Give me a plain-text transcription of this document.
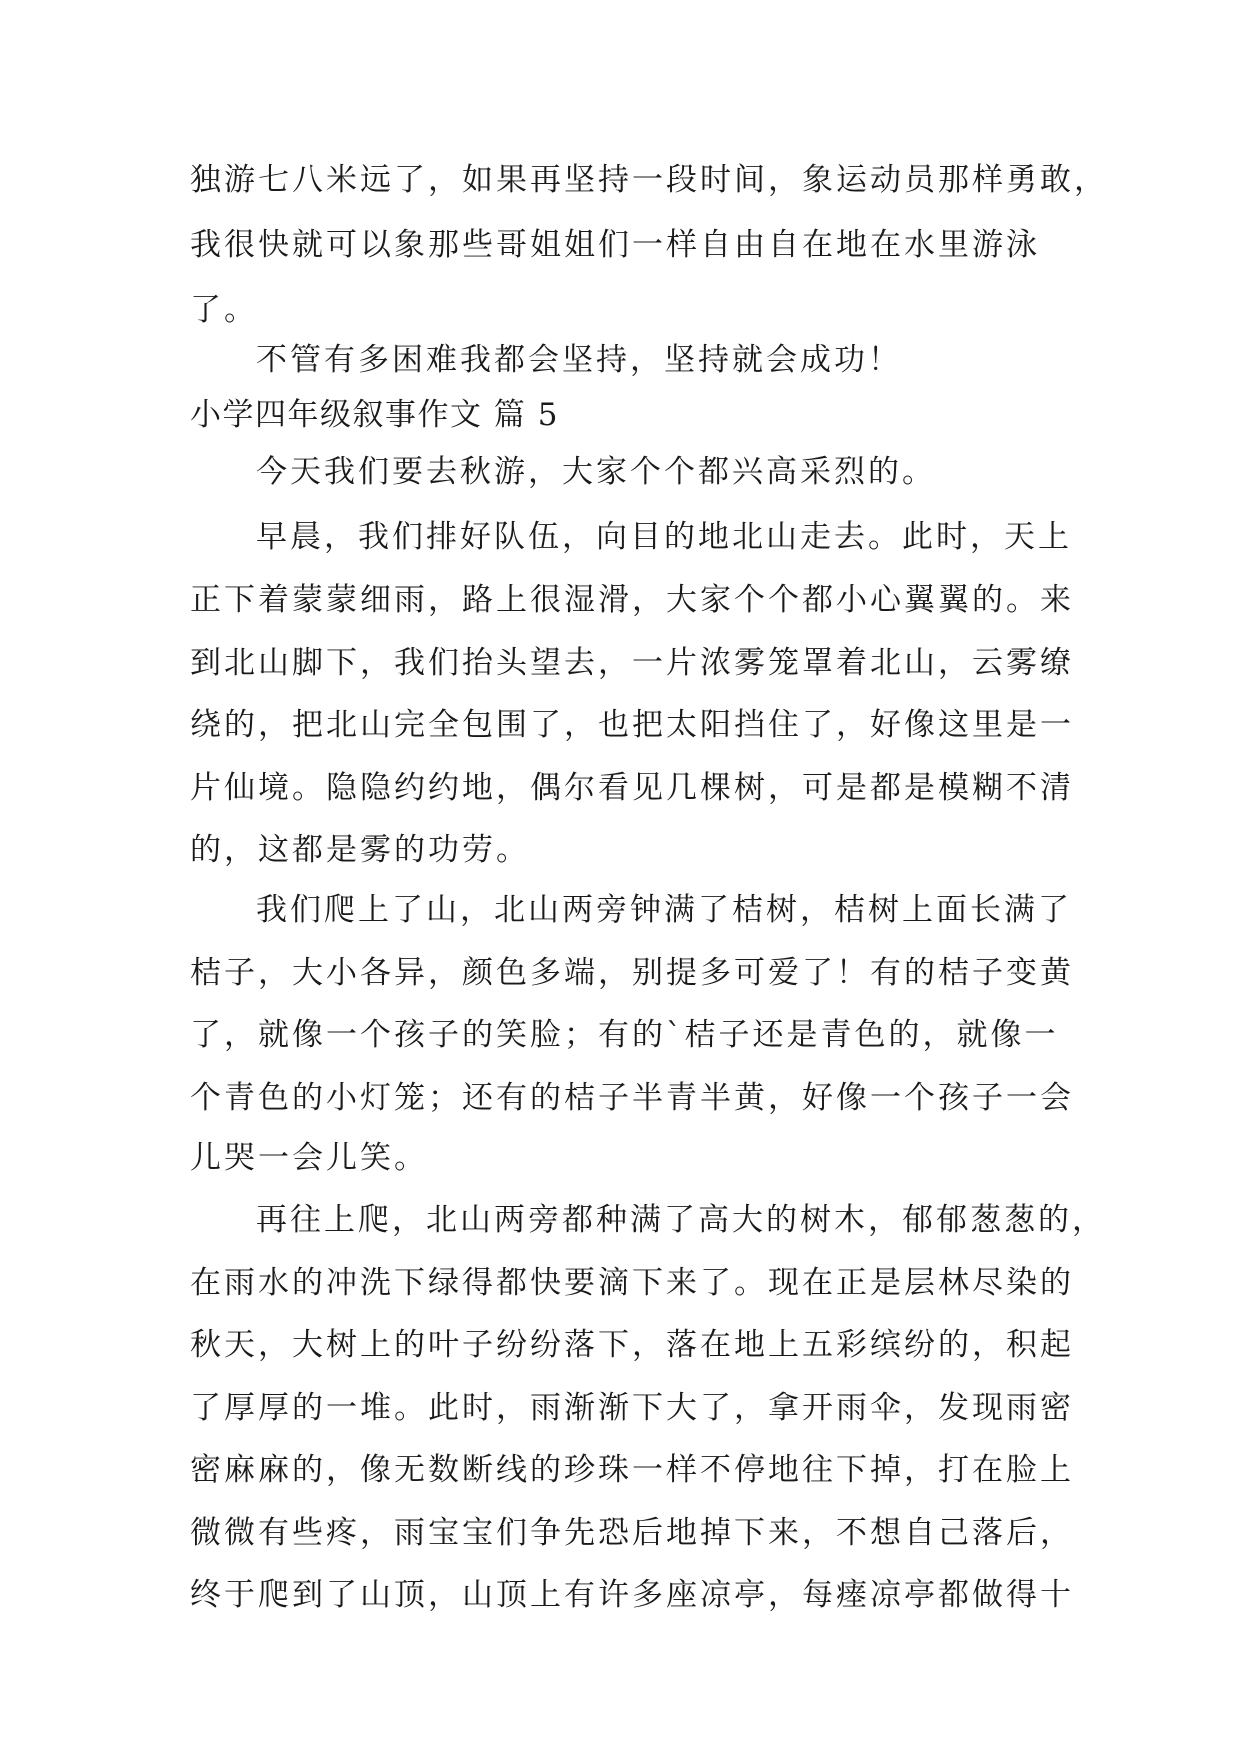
独游七八米远了，如果再坚持一段时间，象运动员那样勇敢，
我很快就可以象那些哥姐姐们一样自由自在地在水里游泳
了。
不管有多困难我都会坚持，坚持就会成功！
小学四年级叙事作文 篇 5
今天我们要去秋游，大家个个都兴高采烈的。
早晨，我们排好队伍，向目的地北山走去。此时，天上
正下着蒙蒙细雨，路上很湿滑，大家个个都小心翼翼的。来
到北山脚下，我们抬头望去，一片浓雾笼罩着北山，云雾缭
绕的，把北山完全包围了，也把太阳挡住了，好像这里是一
片仙境。隐隐约约地，偶尔看见几棵树，可是都是模糊不清
的，这都是雾的功劳。
我们爬上了山，北山两旁钟满了桔树，桔树上面长满了
桔子，大小各异，颜色多端，别提多可爱了！有的桔子变黄
了，就像一个孩子的笑脸；有的`桔子还是青色的，就像一
个青色的小灯笼；还有的桔子半青半黄，好像一个孩子一会
儿哭一会儿笑。
再往上爬，北山两旁都种满了高大的树木，郁郁葱葱的，
在雨水的冲洗下绿得都快要滴下来了。现在正是层林尽染的
秋天，大树上的叶子纷纷落下，落在地上五彩缤纷的，积起
了厚厚的一堆。此时，雨渐渐下大了，拿开雨伞，发现雨密
密麻麻的，像无数断线的珍珠一样不停地往下掉，打在脸上
微微有些疼，雨宝宝们争先恐后地掉下来，不想自己落后，
终于爬到了山顶，山顶上有许多座凉亭，每瘗凉亭都做得十
